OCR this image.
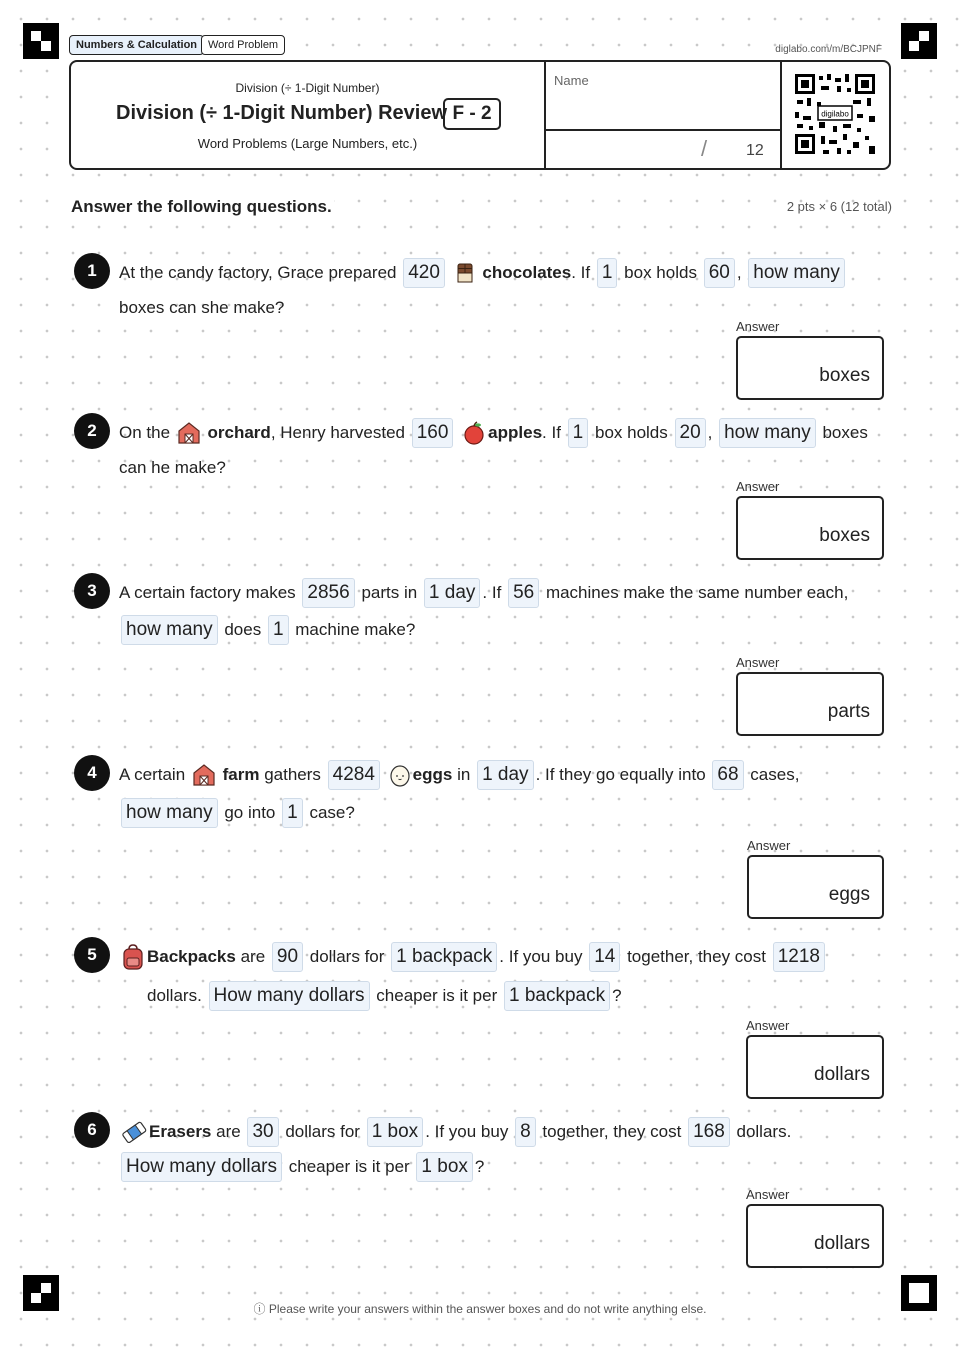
Numbers & Calculation Word Problem	diglabo.com/m/BCJPNF
Division (÷ 1-Digit Number)
Division (÷ 1-Digit Number) Review F - 2
Word Problems (Large Numbers, etc.)
Name
/ 12
digilabo
Answer the following questions.	2 pts × 6 (12 total)
1	At the candy factory, Grace prepared 420 chocolates. If 1 box holds 60 , how many
boxes can she make?
Answer
boxes
2	On the orchard, Henry harvested 160 apples. If 1 box holds 20 , how many boxes
can he make?
Answer
boxes
3	A certain factory makes 2856 parts in 1 day . If 56 machines make the same number each,
how many does 1 machine make?
Answer
parts
4	A certain farm gathers 4284 eggs in 1 day . If they go equally into 68 cases,
how many go into 1 case?
Answer
eggs
5	Backpacks are 90 dollars for 1 backpack . If you buy 14 together, they cost 1218
dollars. How many dollars cheaper is it per 1 backpack ?
Answer
dollars
6	Erasers are 30 dollars for 1 box . If you buy 8 together, they cost 168 dollars.
How many dollars cheaper is it per 1 box ?
Answer
dollars
ⓘ Please write your answers within the answer boxes and do not write anything else.
